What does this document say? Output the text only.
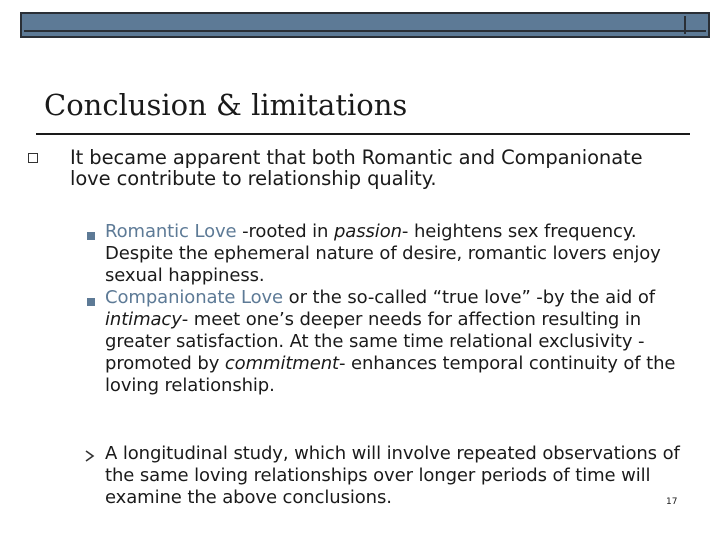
Conclusion & limitations
It became apparent that both Romantic and Companionate love contribute to relationship quality.
Romantic Love -rooted in passion- heightens sex frequency. Despite the ephemeral nature of desire, romantic lovers enjoy sexual happiness.
Companionate Love or the so-called “true love” -by the aid of intimacy- meet one’s deeper needs for affection resulting in greater satisfaction. At the same time relational exclusivity -promoted by commitment- enhances temporal continuity of the loving relationship.
A longitudinal study, which will involve repeated observations of the same loving relationships over longer periods of time will examine the above conclusions.	17
